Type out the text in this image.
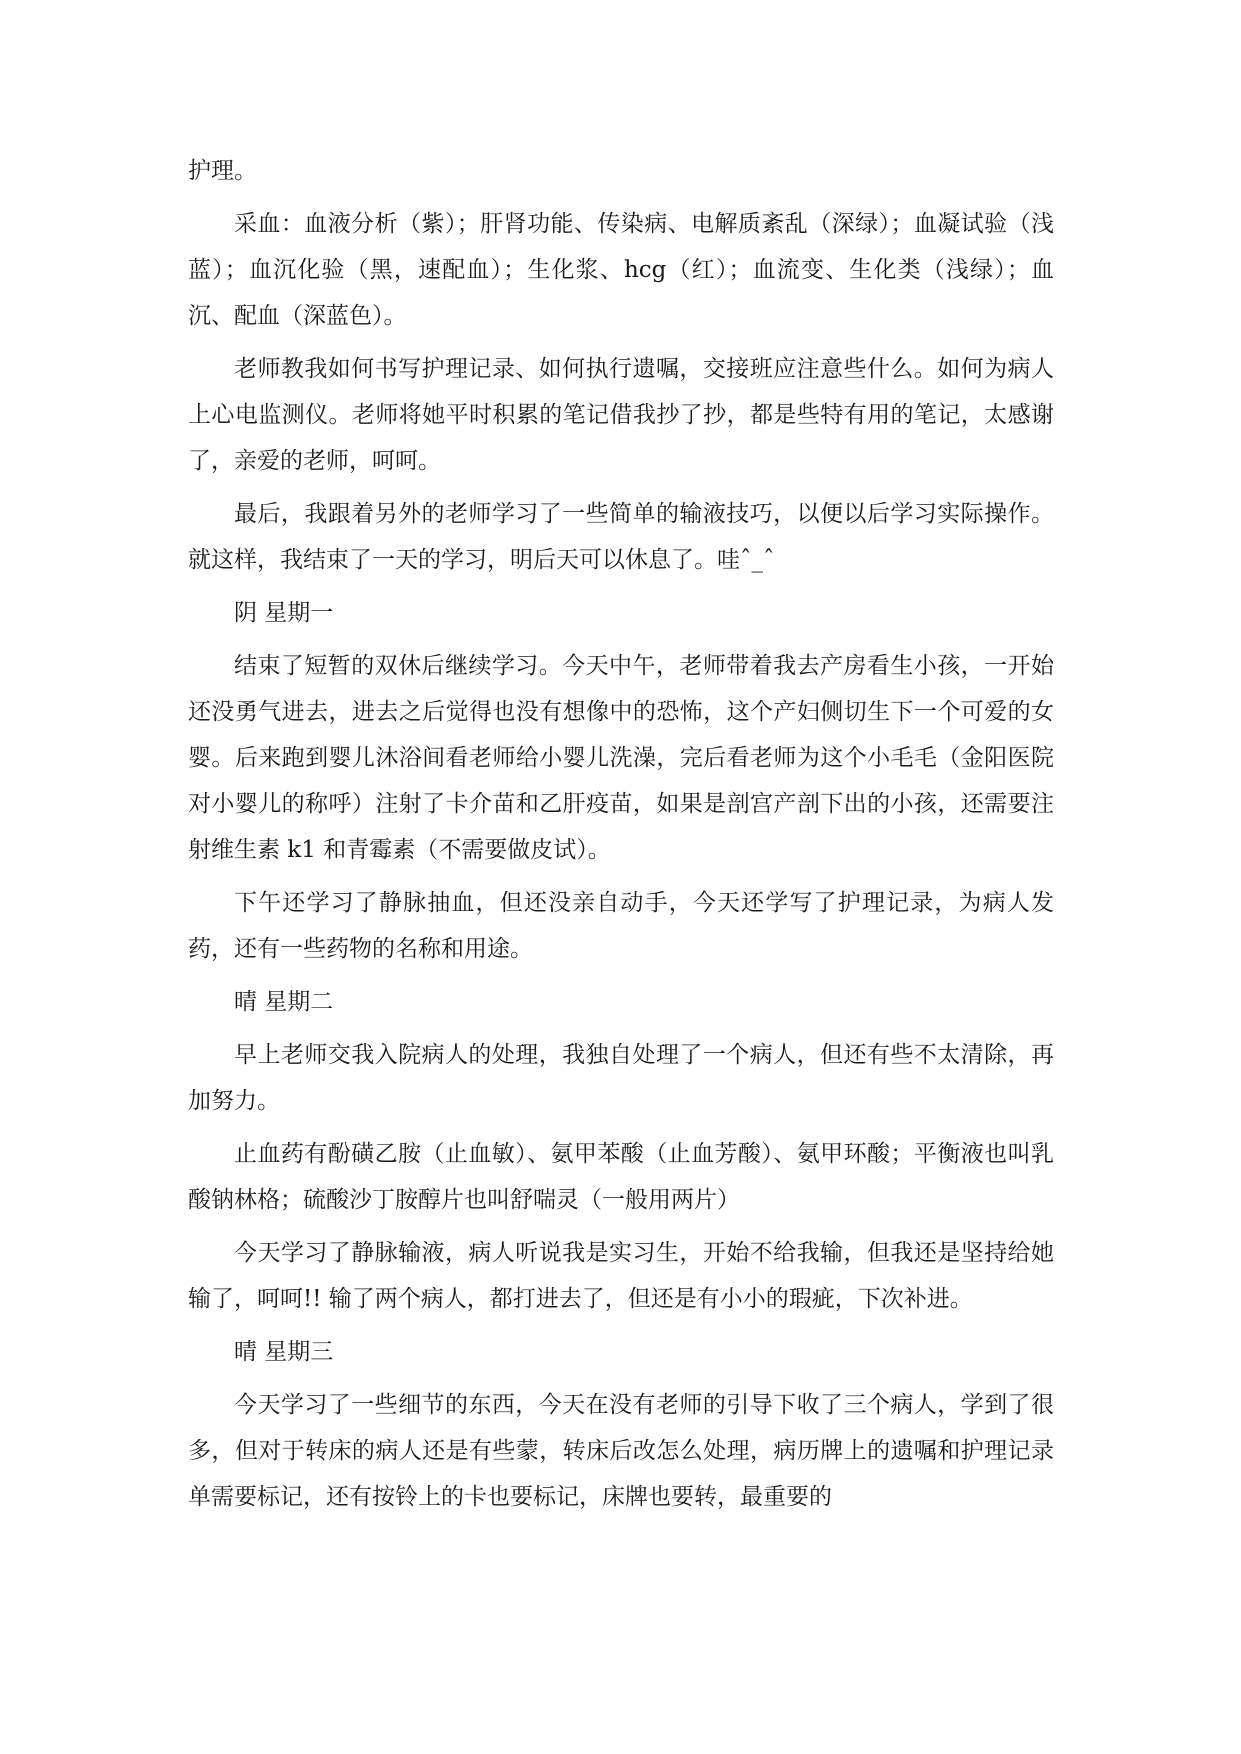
护理。

采血：血液分析（紫）；肝肾功能、传染病、电解质紊乱（深绿）；血凝试验（浅蓝）；血沉化验（黑，速配血）；生化浆、hcg（红）；血流变、生化类（浅绿）；血沉、配血（深蓝色）。

老师教我如何书写护理记录、如何执行遗嘱，交接班应注意些什么。如何为病人上心电监测仪。老师将她平时积累的笔记借我抄了抄，都是些特有用的笔记，太感谢了，亲爱的老师，呵呵。

最后，我跟着另外的老师学习了一些简单的输液技巧，以便以后学习实际操作。就这样，我结束了一天的学习，明后天可以休息了。哇ˆ_ˆ

阴 星期一

结束了短暂的双休后继续学习。今天中午，老师带着我去产房看生小孩，一开始还没勇气进去，进去之后觉得也没有想像中的恐怖，这个产妇侧切生下一个可爱的女婴。后来跑到婴儿沐浴间看老师给小婴儿洗澡，完后看老师为这个小毛毛（金阳医院对小婴儿的称呼）注射了卡介苗和乙肝疫苗，如果是剖宫产剖下出的小孩，还需要注射维生素 k1 和青霉素（不需要做皮试）。

下午还学习了静脉抽血，但还没亲自动手，今天还学写了护理记录，为病人发药，还有一些药物的名称和用途。

晴 星期二

早上老师交我入院病人的处理，我独自处理了一个病人，但还有些不太清除，再加努力。

止血药有酚磺乙胺（止血敏）、氨甲苯酸（止血芳酸）、氨甲环酸；平衡液也叫乳酸钠林格；硫酸沙丁胺醇片也叫舒喘灵（一般用两片）

今天学习了静脉输液，病人听说我是实习生，开始不给我输，但我还是坚持给她输了，呵呵!! 输了两个病人，都打进去了，但还是有小小的瑕疵，下次补进。

晴 星期三

今天学习了一些细节的东西，今天在没有老师的引导下收了三个病人，学到了很多，但对于转床的病人还是有些蒙，转床后改怎么处理，病历牌上的遗嘱和护理记录单需要标记，还有按铃上的卡也要标记，床牌也要转，最重要的
